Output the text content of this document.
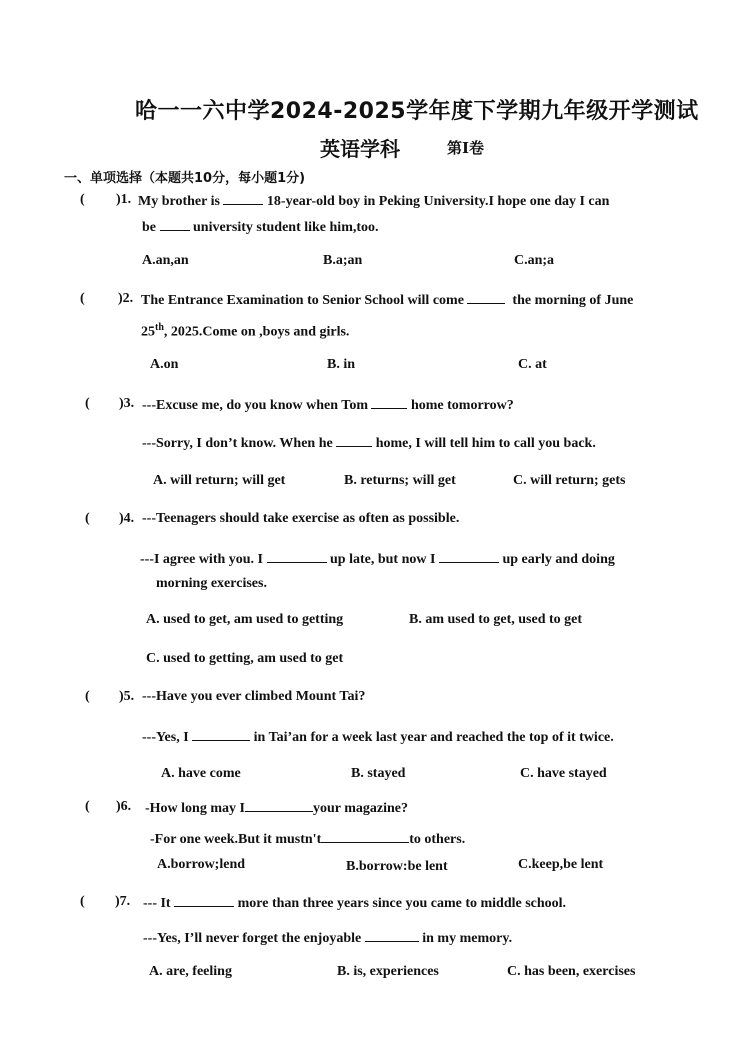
哈一一六中学2024-2025学年度下学期九年级开学测试
英语学科	第I卷
一、单项选择（本题共10分，每小题1分)
( )1. My brother is	18-year-old boy in Peking University.I hope one day I can
be	university student like him,too.
A.an,an	B.a;an	C.an;a
( )2. The Entrance Examination to Senior School will come	the morning of June
25th, 2025.Come on ,boys and girls.
A.on	B. in	C. at
( )3. ---Excuse me, do you know when Tom	home tomorrow?
---Sorry, I don’t know. When he	home, I will tell him to call you back.
A. will return; will get	B. returns; will get	C. will return; gets
( )4. ---Teenagers should take exercise as often as possible.
---I agree with you. I	up late, but now I	up early and doing
morning exercises.
A. used to get, am used to getting	B. am used to get, used to get
C. used to getting, am used to get
( )5. ---Have you ever climbed Mount Tai?
---Yes, I	in Tai’an for a week last year and reached the top of it twice.
A. have come	B. stayed	C. have stayed
( )6. -How long may I	your magazine?
-For one week.But it mustn't	to others.
A.borrow;lend	B.borrow:be lent	C.keep,be lent
( )7. --- It	more than three years since you came to middle school.
---Yes, I’ll never forget the enjoyable	in my memory.
A. are, feeling	B. is, experiences	C. has been, exercises
